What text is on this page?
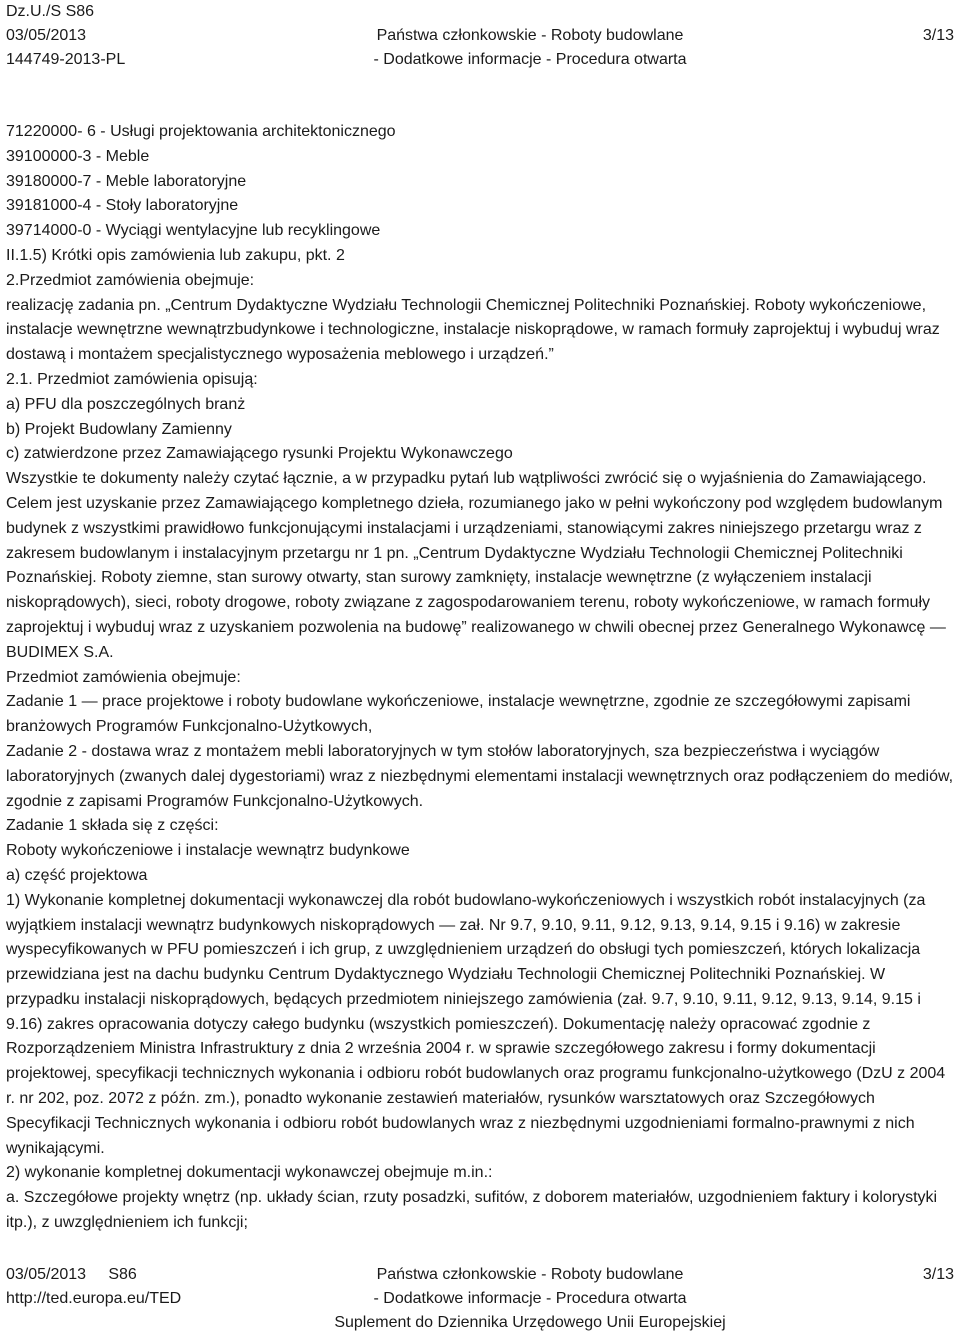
Dz.U./S S86
03/05/2013	Państwa członkowskie - Roboty budowlane	3/13
144749-2013-PL	- Dodatkowe informacje - Procedura otwarta

71220000- 6 - Usługi projektowania architektonicznego

39100000-3 - Meble

39180000-7 - Meble laboratoryjne

39181000-4 - Stoły laboratoryjne

39714000-0 - Wyciągi wentylacyjne lub recyklingowe

II.1.5) Krótki opis zamówienia lub zakupu, pkt. 2

2.Przedmiot zamówienia obejmuje:

realizację zadania pn. „Centrum Dydaktyczne Wydziału Technologii Chemicznej Politechniki Poznańskiej. Roboty wykończeniowe, instalacje wewnętrzne wewnątrzbudynkowe i technologiczne, instalacje niskoprądowe, w ramach formuły zaprojektuj i wybuduj wraz dostawą i montażem specjalistycznego wyposażenia meblowego i urządzeń.”

2.1. Przedmiot zamówienia opisują:

a) PFU dla poszczególnych branż

b) Projekt Budowlany Zamienny

c) zatwierdzone przez Zamawiającego rysunki Projektu Wykonawczego

Wszystkie te dokumenty należy czytać łącznie, a w przypadku pytań lub wątpliwości zwrócić się o wyjaśnienia do Zamawiającego. Celem jest uzyskanie przez Zamawiającego kompletnego dzieła, rozumianego jako w pełni wykończony pod względem budowlanym budynek z wszystkimi prawidłowo funkcjonującymi instalacjami i urządzeniami, stanowiącymi zakres niniejszego przetargu wraz z zakresem budowlanym i instalacyjnym przetargu nr 1 pn. „Centrum Dydaktyczne Wydziału Technologii Chemicznej Politechniki Poznańskiej. Roboty ziemne, stan surowy otwarty, stan surowy zamknięty, instalacje wewnętrzne (z wyłączeniem instalacji niskoprądowych), sieci, roboty drogowe, roboty związane z zagospodarowaniem terenu, roboty wykończeniowe, w ramach formuły zaprojektuj i wybuduj wraz z uzyskaniem pozwolenia na budowę” realizowanego w chwili obecnej przez Generalnego Wykonawcę — BUDIMEX S.A.

Przedmiot zamówienia obejmuje:

Zadanie 1 — prace projektowe i roboty budowlane wykończeniowe, instalacje wewnętrzne, zgodnie ze szczegółowymi zapisami branżowych Programów Funkcjonalno-Użytkowych,

Zadanie 2 - dostawa wraz z montażem mebli laboratoryjnych w tym stołów laboratoryjnych, sza bezpieczeństwa i wyciągów laboratoryjnych (zwanych dalej dygestoriami) wraz z niezbędnymi elementami instalacji wewnętrznych oraz podłączeniem do mediów, zgodnie z zapisami Programów Funkcjonalno-Użytkowych.

Zadanie 1 składa się z części:

Roboty wykończeniowe i instalacje wewnątrz budynkowe

a) część projektowa

1) Wykonanie kompletnej dokumentacji wykonawczej dla robót budowlano-wykończeniowych i wszystkich robót instalacyjnych (za wyjątkiem instalacji wewnątrz budynkowych niskoprądowych — zał. Nr 9.7, 9.10, 9.11, 9.12, 9.13, 9.14, 9.15 i 9.16) w zakresie wyspecyfikowanych w PFU pomieszczeń i ich grup, z uwzględnieniem urządzeń do obsługi tych pomieszczeń, których lokalizacja przewidziana jest na dachu budynku Centrum Dydaktycznego Wydziału Technologii Chemicznej Politechniki Poznańskiej. W przypadku instalacji niskoprądowych, będących przedmiotem niniejszego zamówienia (zał. 9.7, 9.10, 9.11, 9.12, 9.13, 9.14, 9.15 i 9.16) zakres opracowania dotyczy całego budynku (wszystkich pomieszczeń). Dokumentację należy opracować zgodnie z Rozporządzeniem Ministra Infrastruktury z dnia 2 września 2004 r. w sprawie szczegółowego zakresu i formy dokumentacji projektowej, specyfikacji technicznych wykonania i odbioru robót budowlanych oraz programu funkcjonalno-użytkowego (DzU z 2004 r. nr 202, poz. 2072 z późn. zm.), ponadto wykonanie zestawień materiałów, rysunków warsztatowych oraz Szczegółowych Specyfikacji Technicznych wykonania i odbioru robót budowlanych wraz z niezbędnymi uzgodnieniami formalno-prawnymi z nich wynikającymi.

2) wykonanie kompletnej dokumentacji wykonawczej obejmuje m.in.:

a. Szczegółowe projekty wnętrz (np. układy ścian, rzuty posadzki, sufitów, z doborem materiałów, uzgodnieniem faktury i kolorystyki itp.), z uwzględnieniem ich funkcji;

03/05/2013 S86	Państwa członkowskie - Roboty budowlane	3/13
http://ted.europa.eu/TED	- Dodatkowe informacje - Procedura otwarta
Suplement do Dziennika Urzędowego Unii Europejskiej
